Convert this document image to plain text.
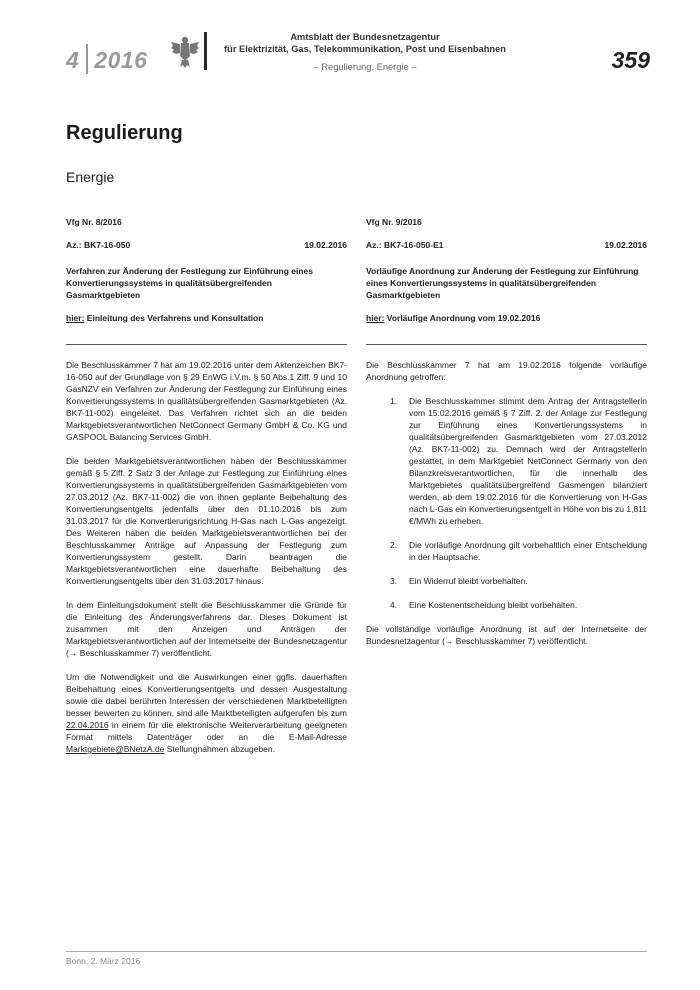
4 2016
Amtsblatt der Bundesnetzagentur
für Elektrizität, Gas, Telekommunikation, Post und Eisenbahnen
– Regulierung, Energie –	359
Regulierung
Energie
Vfg Nr. 8/2016
Az.: BK7-16-050	19.02.2016
Verfahren zur Änderung der Festlegung zur Einführung eines Konvertierungssystems in qualitätsübergreifenden Gasmarktgebieten
hier: Einleitung des Verfahrens und Konsultation

Die Beschlusskammer 7 hat am 19.02.2016 unter dem Aktenzeichen BK7-16-050 auf der Grundlage von § 29 EnWG i.V.m. § 50 Abs.1 Ziff. 9 und 10 GasNZV ein Verfahren zur Änderung der Festlegung zur Einführung eines Konvertierungssystems in qualitätsübergreifenden Gasmarktgebieten (Az. BK7-11-002) eingeleitet. Das Verfahren richtet sich an die beiden Marktgebietsverantwortlichen NetConnect Germany GmbH & Co. KG und GASPOOL Balancing Services GmbH.

Die beiden Marktgebietsverantwortlichen haben der Beschlusskammer gemäß § 5 Ziff. 2 Satz 3 der Anlage zur Festlegung zur Einführung eines Konvertierungssystems in qualitätsübergreifenden Gasmarktgebieten vom 27.03.2012 (Az. BK7-11-002) die von ihnen geplante Beibehaltung des Konvertierungsentgelts jedenfalls über den 01.10.2016 bis zum 31.03.2017 für die Konvertierungsrichtung H-Gas nach L-Gas angezeigt. Des Weiteren haben die beiden Marktgebietsverantwortlichen bei der Beschlusskammer Anträge auf Anpassung der Festlegung zum Konvertierungssystem gestellt. Darin beantragen die Marktgebietsverantwortlichen eine dauerhafte Beibehaltung des Konvertierungsentgelts über den 31.03.2017 hinaus.

In dem Einleitungsdokument stellt die Beschlusskammer die Gründe für die Einleitung des Änderungsverfahrens dar. Dieses Dokument ist zusammen mit den Anzeigen und Anträgen der Marktgebietsverantwortlichen auf der Internetseite der Bundesnetzagentur (→ Beschlusskammer 7) veröffentlicht.

Um die Notwendigkeit und die Auswirkungen einer ggfls. dauerhaften Beibehaltung eines Konvertierungsentgelts und dessen Ausgestaltung sowie die dabei berührten Interessen der verschiedenen Marktbeteiligten besser bewerten zu können, sind alle Marktbeteiligten aufgerufen bis zum 22.04.2016 in einem für die elektronische Weiterverarbeitung geeigneten Format mittels Datenträger oder an die E-Mail-Adresse Marktgebiete@BNetzA.de Stellungnahmen abzugeben.

Vfg Nr. 9/2016
Az.: BK7-16-050-E1	19.02.2016
Vorläufige Anordnung zur Änderung der Festlegung zur Einführung eines Konvertierungssystems in qualitätsübergreifenden Gasmarktgebieten
hier: Vorläufige Anordnung vom 19.02.2016

Die Beschlusskammer 7 hat am 19.02.2016 folgende vorläufige Anordnung getroffen:

1.	Die Beschlusskammer stimmt dem Antrag der Antragstellerin vom 15.02.2016 gemäß § 7 Ziff. 2. der Anlage zur Festlegung zur Einführung eines Konvertierungssystems in qualitätsübergreifenden Gasmarktgebieten vom 27.03.2012 (Az. BK7-11-002) zu. Demnach wird der Antragstellerin gestattet, in dem Marktgebiet NetConnect Germany von den Bilanzkreisverantwortlichen, für die innerhalb des Marktgebietes qualitätsübergreifend Gasmengen bilanziert werden, ab dem 19.02.2016 für die Konvertierung von H-Gas nach L-Gas ein Konvertierungsentgelt in Höhe von bis zu 1,811 €/MWh zu erheben.
2.	Die vorläufige Anordnung gilt vorbehaltlich einer Entscheidung in der Hauptsache.
3.	Ein Widerruf bleibt vorbehalten.
4.	Eine Kostenentscheidung bleibt vorbehalten.

Die vollständige vorläufige Anordnung ist auf der Internetseite der Bundesnetzagentur (→ Beschlusskammer 7) veröffentlicht.

Bonn, 2. März 2016
